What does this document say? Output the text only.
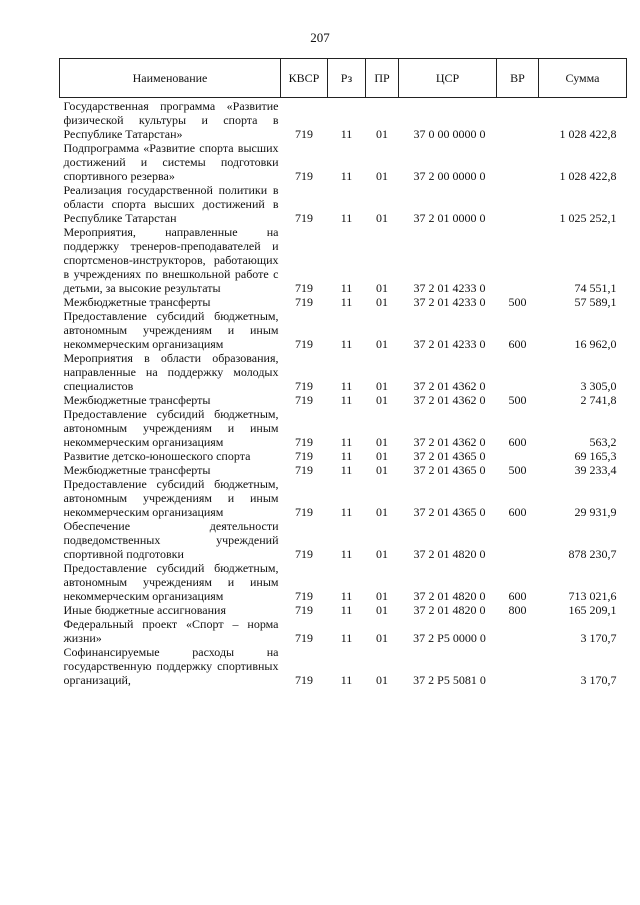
207
Наименование	КВСР	Рз	ПР	ЦСР	ВР	Сумма
Государственная программа «Развитие физической культуры и спорта в Республике Татарстан»	719	11	01	37 0 00 0000 0		1 028 422,8
Подпрограмма «Развитие спорта высших достижений и системы подготовки спортивного резерва»	719	11	01	37 2 00 0000 0		1 028 422,8
Реализация государственной политики в области спорта высших достижений в Республике Татарстан	719	11	01	37 2 01 0000 0		1 025 252,1
Мероприятия, направленные на поддержку тренеров-преподавателей и спортсменов-инструкторов, работающих в учреждениях по внешкольной работе с детьми, за высокие результаты	719	11	01	37 2 01 4233 0		74 551,1
Межбюджетные трансферты	719	11	01	37 2 01 4233 0	500	57 589,1
Предоставление субсидий бюджетным, автономным учреждениям и иным некоммерческим организациям	719	11	01	37 2 01 4233 0	600	16 962,0
Мероприятия в области образования, направленные на поддержку молодых специалистов	719	11	01	37 2 01 4362 0		3 305,0
Межбюджетные трансферты	719	11	01	37 2 01 4362 0	500	2 741,8
Предоставление субсидий бюджетным, автономным учреждениям и иным некоммерческим организациям	719	11	01	37 2 01 4362 0	600	563,2
Развитие детско-юношеского спорта	719	11	01	37 2 01 4365 0		69 165,3
Межбюджетные трансферты	719	11	01	37 2 01 4365 0	500	39 233,4
Предоставление субсидий бюджетным, автономным учреждениям и иным некоммерческим организациям	719	11	01	37 2 01 4365 0	600	29 931,9
Обеспечение деятельности подведомственных учреждений спортивной подготовки	719	11	01	37 2 01 4820 0		878 230,7
Предоставление субсидий бюджетным, автономным учреждениям и иным некоммерческим организациям	719	11	01	37 2 01 4820 0	600	713 021,6
Иные бюджетные ассигнования	719	11	01	37 2 01 4820 0	800	165 209,1
Федеральный проект «Спорт – норма жизни»	719	11	01	37 2 P5 0000 0		3 170,7
Софинансируемые расходы на государственную поддержку спортивных организаций,	719	11	01	37 2 P5 5081 0		3 170,7
